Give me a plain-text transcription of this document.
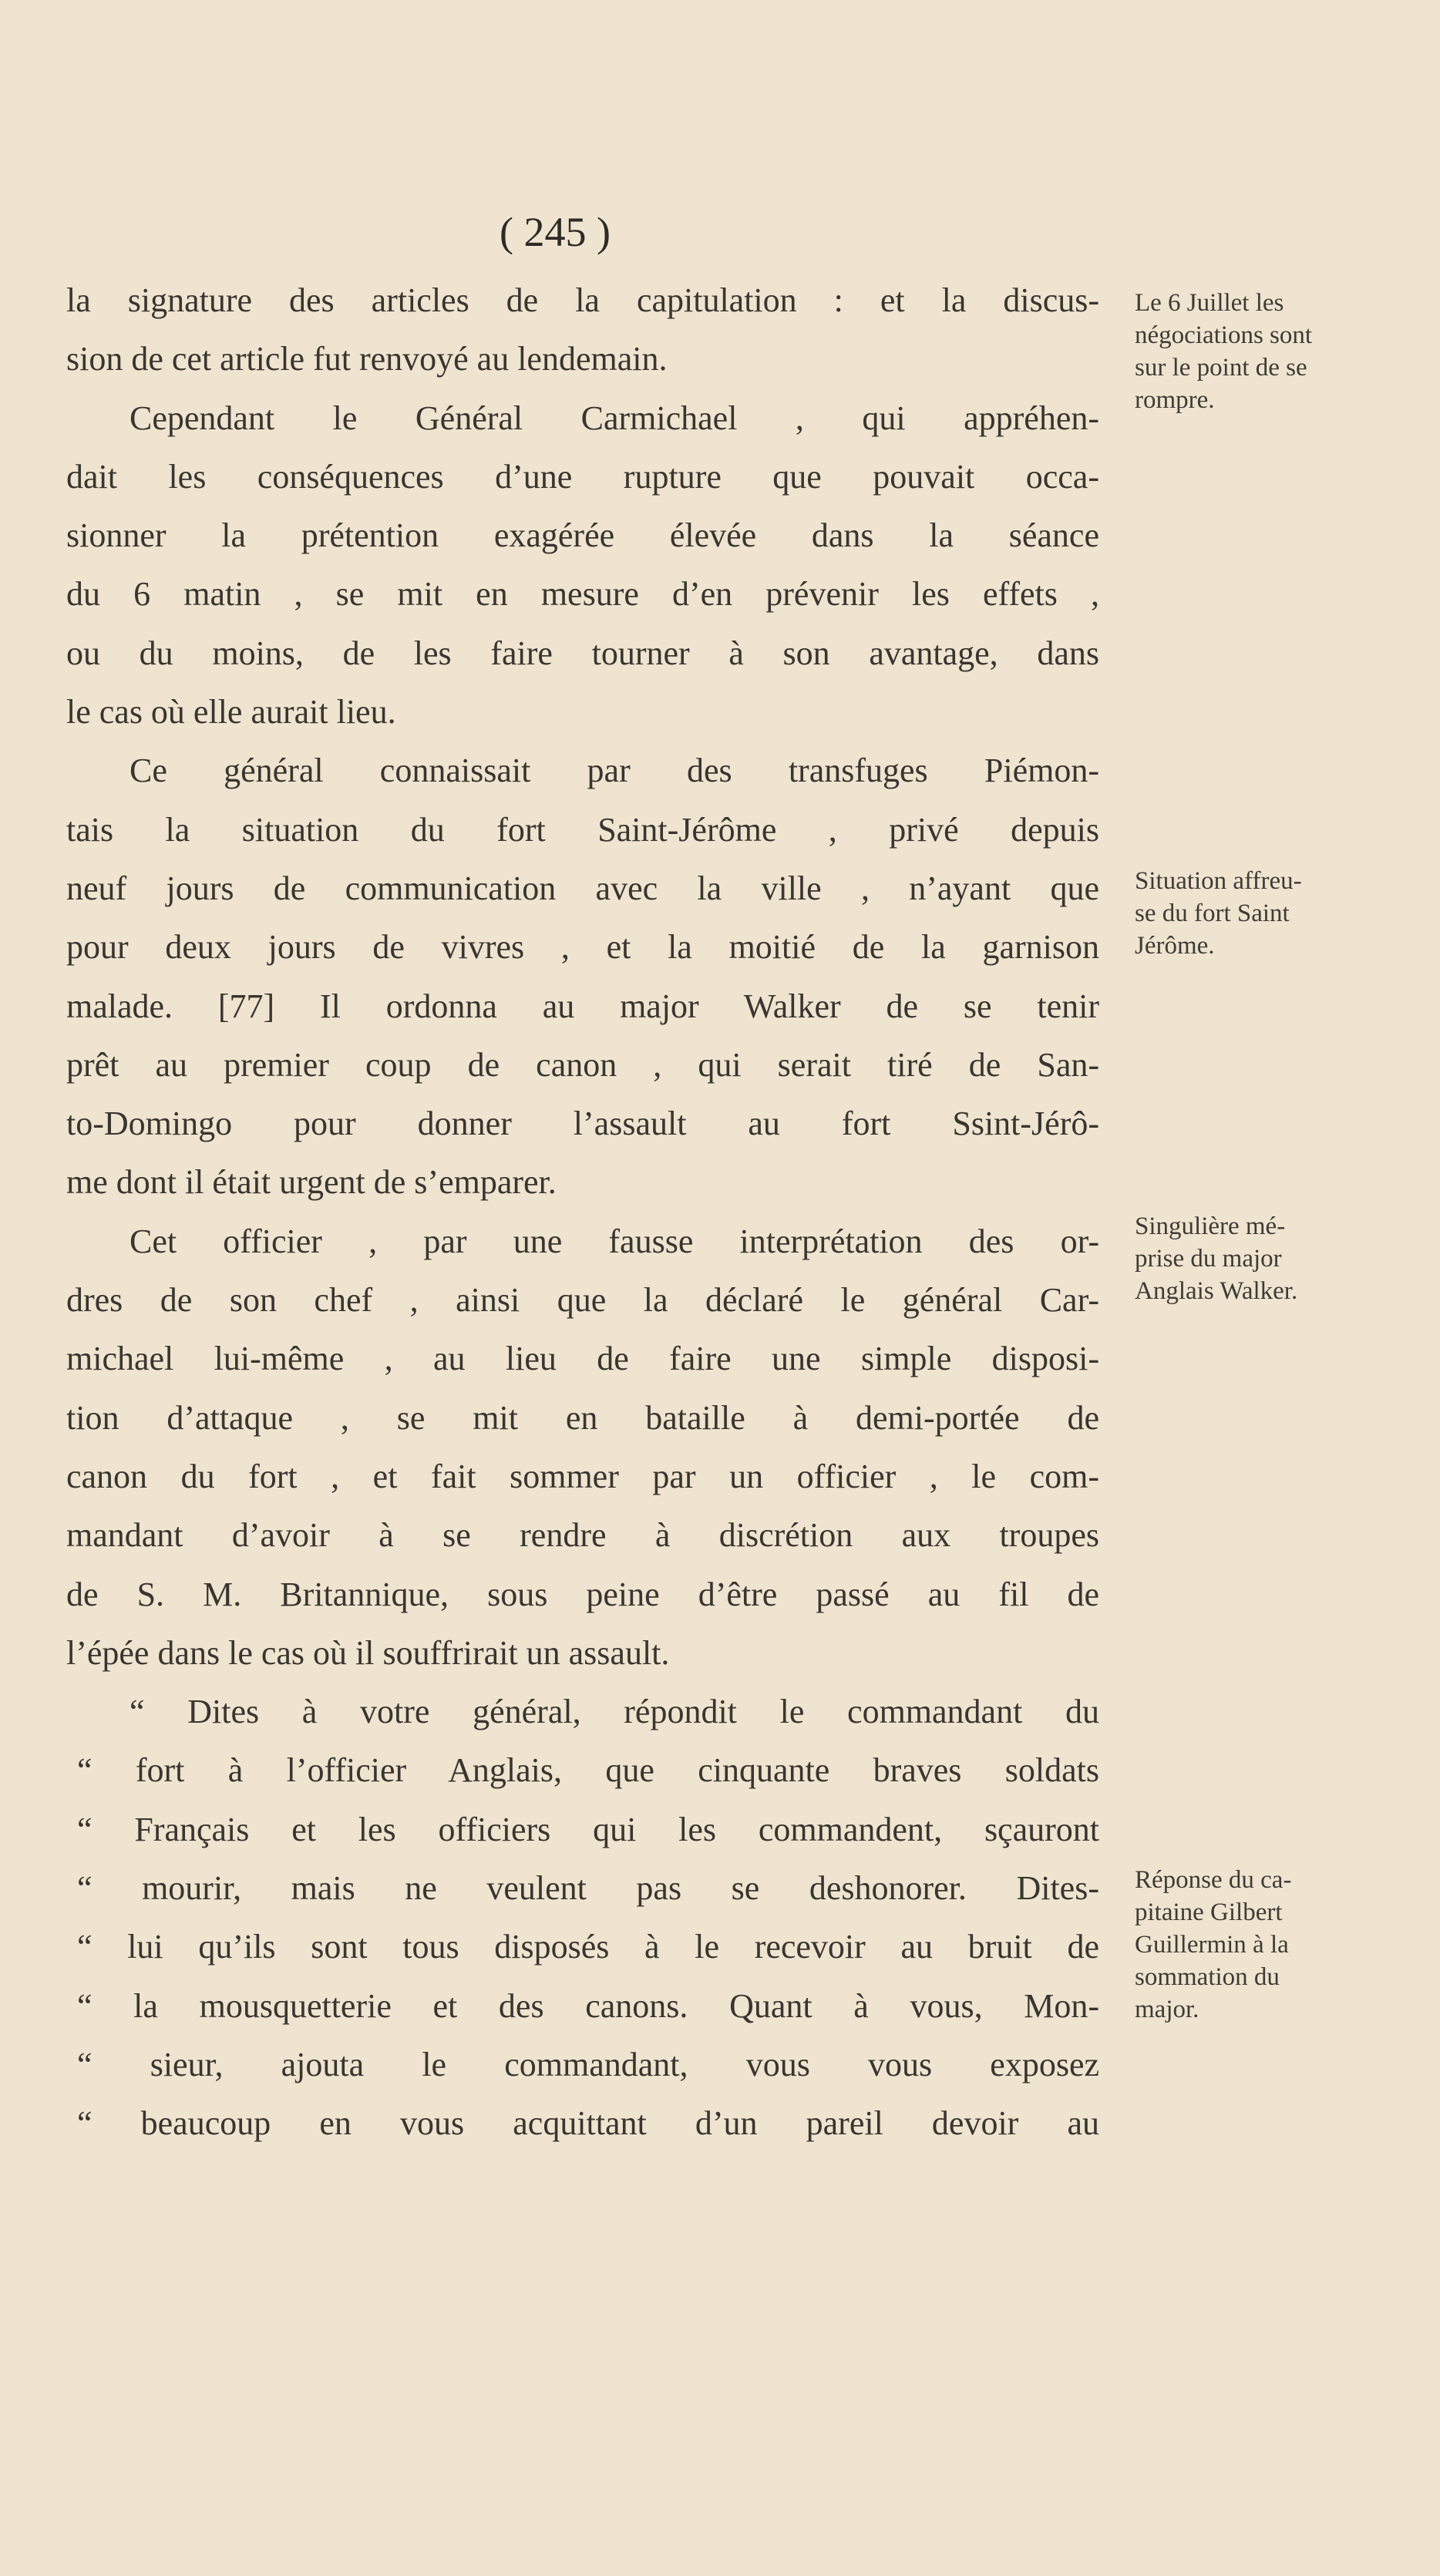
( 245 )
la signature des articles de la capitulation : et la discus-
sion de cet article fut renvoyé au lendemain.
Cependant le Général Carmichael , qui appréhen-
dait les conséquences d’une rupture que pouvait occa-
sionner la prétention exagérée élevée dans la séance
du 6 matin , se mit en mesure d’en prévenir les effets ,
ou du moins, de les faire tourner à son avantage, dans
le cas où elle aurait lieu.
Ce général connaissait par des transfuges Piémon-
tais la situation du fort Saint-Jérôme , privé depuis
neuf jours de communication avec la ville , n’ayant que
pour deux jours de vivres , et la moitié de la garnison
malade. [77] Il ordonna au major Walker de se tenir
prêt au premier coup de canon , qui serait tiré de San-
to-Domingo pour donner l’assault au fort Ssint-Jérô-
me dont il était urgent de s’emparer.
Cet officier , par une fausse interprétation des or-
dres de son chef , ainsi que la déclaré le général Car-
michael lui-même , au lieu de faire une simple disposi-
tion d’attaque , se mit en bataille à demi-portée de
canon du fort , et fait sommer par un officier , le com-
mandant d’avoir à se rendre à discrétion aux troupes
de S. M. Britannique, sous peine d’être passé au fil de
l’épée dans le cas où il souffrirait un assault.
“ Dites à votre général, répondit le commandant du
“ fort à l’officier Anglais, que cinquante braves soldats
“ Français et les officiers qui les commandent, sçauront
“ mourir, mais ne veulent pas se deshonorer. Dites-
“ lui qu’ils sont tous disposés à le recevoir au bruit de
“ la mousquetterie et des canons. Quant à vous, Mon-
“ sieur, ajouta le commandant, vous vous exposez
“ beaucoup en vous acquittant d’un pareil devoir au
Le 6 Juillet les
négociations sont
sur le point de se
rompre.
Situation affreu-
se du fort Saint
Jérôme.
Singulière mé-
prise du major
Anglais Walker.
Réponse du ca-
pitaine Gilbert
Guillermin à la
sommation du
major.
